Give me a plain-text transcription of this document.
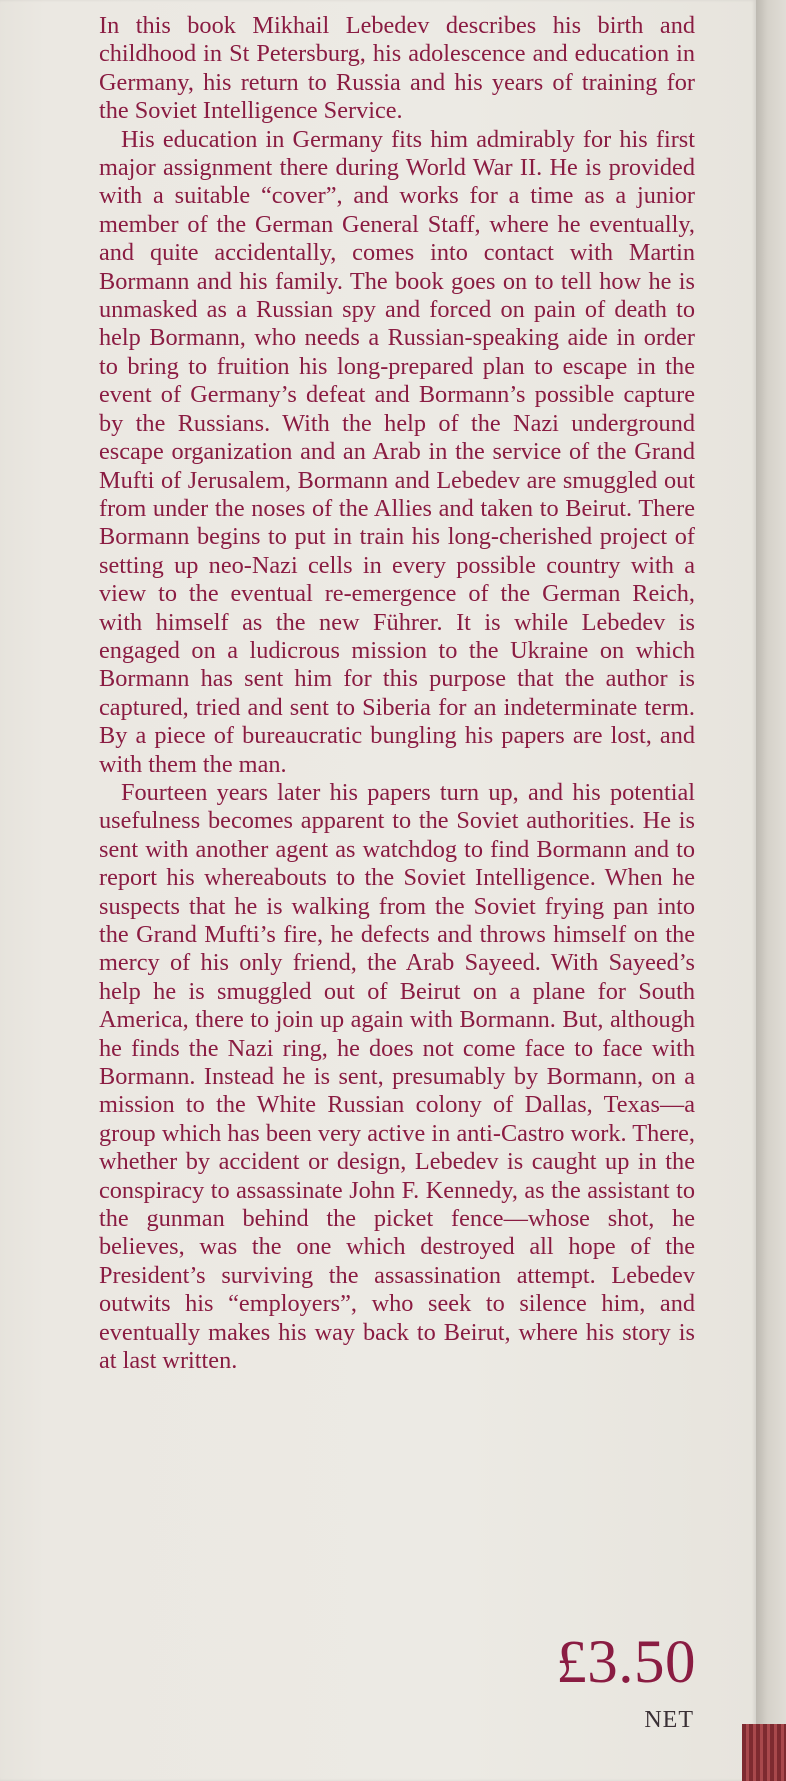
In this book Mikhail Lebedev describes his birth and childhood in St Petersburg, his adolescence and education in Germany, his return to Russia and his years of training for the Soviet Intelligence Service.

His education in Germany fits him admirably for his first major assignment there during World War II. He is provided with a suitable “cover”, and works for a time as a junior member of the German General Staff, where he eventually, and quite accidentally, comes into contact with Martin Bormann and his family. The book goes on to tell how he is unmasked as a Russian spy and forced on pain of death to help Bormann, who needs a Russian-speaking aide in order to bring to fruition his long-prepared plan to escape in the event of Germany’s defeat and Bormann’s possible capture by the Russians. With the help of the Nazi underground escape organization and an Arab in the service of the Grand Mufti of Jerusalem, Bormann and Lebedev are smuggled out from under the noses of the Allies and taken to Beirut. There Bormann begins to put in train his long-cherished project of setting up neo-Nazi cells in every possible country with a view to the eventual re-emergence of the German Reich, with himself as the new Führer. It is while Lebedev is engaged on a ludicrous mission to the Ukraine on which Bormann has sent him for this purpose that the author is captured, tried and sent to Siberia for an indeterminate term. By a piece of bureaucratic bungling his papers are lost, and with them the man.

Fourteen years later his papers turn up, and his potential usefulness becomes apparent to the Soviet authorities. He is sent with another agent as watchdog to find Bormann and to report his whereabouts to the Soviet Intelligence. When he suspects that he is walking from the Soviet frying pan into the Grand Mufti’s fire, he defects and throws himself on the mercy of his only friend, the Arab Sayeed. With Sayeed’s help he is smuggled out of Beirut on a plane for South America, there to join up again with Bormann. But, although he finds the Nazi ring, he does not come face to face with Bormann. Instead he is sent, presumably by Bormann, on a mission to the White Russian colony of Dallas, Texas—a group which has been very active in anti-Castro work. There, whether by accident or design, Lebedev is caught up in the conspiracy to assassinate John F. Kennedy, as the assistant to the gunman behind the picket fence—whose shot, he believes, was the one which destroyed all hope of the President’s surviving the assassination attempt. Lebedev outwits his “employers”, who seek to silence him, and eventually makes his way back to Beirut, where his story is at last written.

£3.50
NET
